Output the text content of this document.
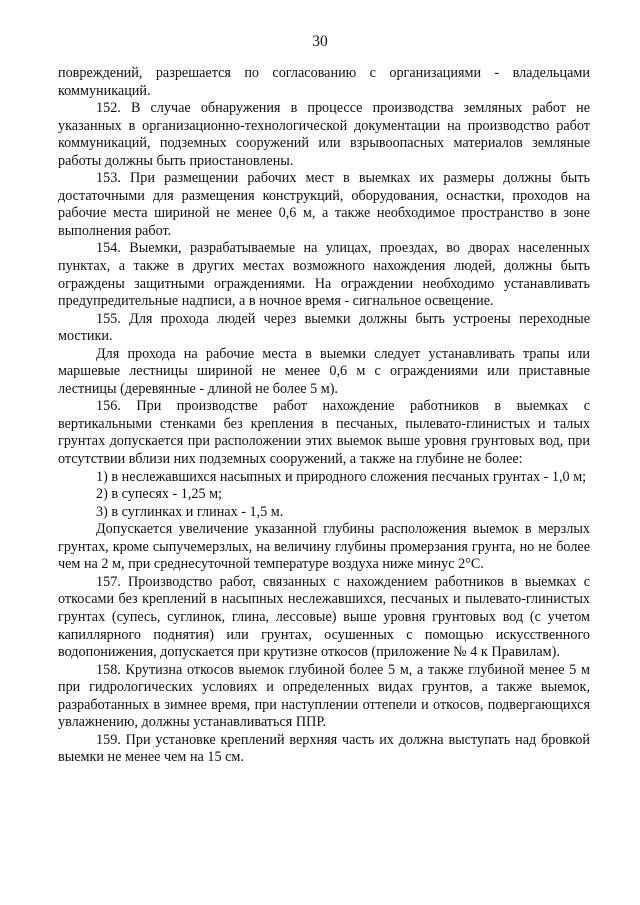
30

повреждений, разрешается по согласованию с организациями - владельцами коммуникаций.

152. В случае обнаружения в процессе производства земляных работ не указанных в организационно-технологической документации на производство работ коммуникаций, подземных сооружений или взрывоопасных материалов земляные работы должны быть приостановлены.

153. При размещении рабочих мест в выемках их размеры должны быть достаточными для размещения конструкций, оборудования, оснастки, проходов на рабочие места шириной не менее 0,6 м, а также необходимое пространство в зоне выполнения работ.

154. Выемки, разрабатываемые на улицах, проездах, во дворах населенных пунктах, а также в других местах возможного нахождения людей, должны быть ограждены защитными ограждениями. На ограждении необходимо устанавливать предупредительные надписи, а в ночное время - сигнальное освещение.

155. Для прохода людей через выемки должны быть устроены переходные мостики.

Для прохода на рабочие места в выемки следует устанавливать трапы или маршевые лестницы шириной не менее 0,6 м с ограждениями или приставные лестницы (деревянные - длиной не более 5 м).

156. При производстве работ нахождение работников в выемках с вертикальными стенками без крепления в песчаных, пылевато-глинистых и талых грунтах допускается при расположении этих выемок выше уровня грунтовых вод, при отсутствии вблизи них подземных сооружений, а также на глубине не более:

1) в неслежавшихся насыпных и природного сложения песчаных грунтах - 1,0 м;

2) в супесях - 1,25 м;

3) в суглинках и глинах - 1,5 м.

Допускается увеличение указанной глубины расположения выемок в мерзлых грунтах, кроме сыпучемерзлых, на величину глубины промерзания грунта, но не более чем на 2 м, при среднесуточной температуре воздуха ниже минус 2°С.

157. Производство работ, связанных с нахождением работников в выемках с откосами без креплений в насыпных неслежавшихся, песчаных и пылевато-глинистых грунтах (супесь, суглинок, глина, лессовые) выше уровня грунтовых вод (с учетом капиллярного поднятия) или грунтах, осушенных с помощью искусственного водопонижения, допускается при крутизне откосов (приложение № 4 к Правилам).

158. Крутизна откосов выемок глубиной более 5 м, а также глубиной менее 5 м при гидрологических условиях и определенных видах грунтов, а также выемок, разработанных в зимнее время, при наступлении оттепели и откосов, подвергающихся увлажнению, должны устанавливаться ППР.

159. При установке креплений верхняя часть их должна выступать над бровкой выемки не менее чем на 15 см.
